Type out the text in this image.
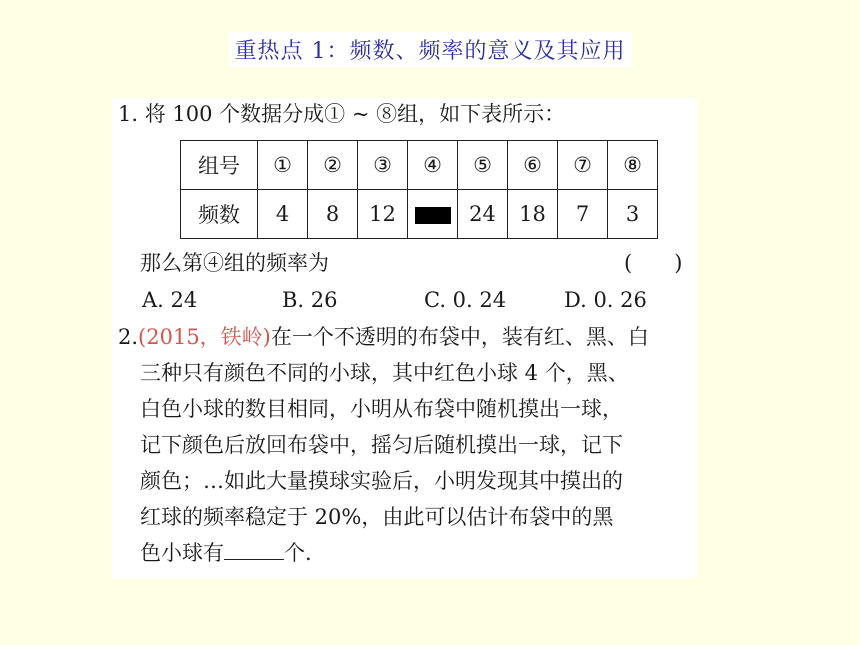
重热点 1：频数、频率的意义及其应用
1. 将 100 个数据分成① ~ ⑧组，如下表所示：
组号	①	②	③	④	⑤	⑥	⑦	⑧
频数	4	8	12		24	18	7	3
那么第④组的频率为	(　　)
A. 24	B. 26	C. 0. 24	D. 0. 26
2.(2015，铁岭)在一个不透明的布袋中，装有红、黑、白
三种只有颜色不同的小球，其中红色小球 4 个，黑、
白色小球的数目相同，小明从布袋中随机摸出一球，
记下颜色后放回布袋中，摇匀后随机摸出一球，记下
颜色；…如此大量摸球实验后，小明发现其中摸出的
红球的频率稳定于 20%，由此可以估计布袋中的黑
色小球有	个.
